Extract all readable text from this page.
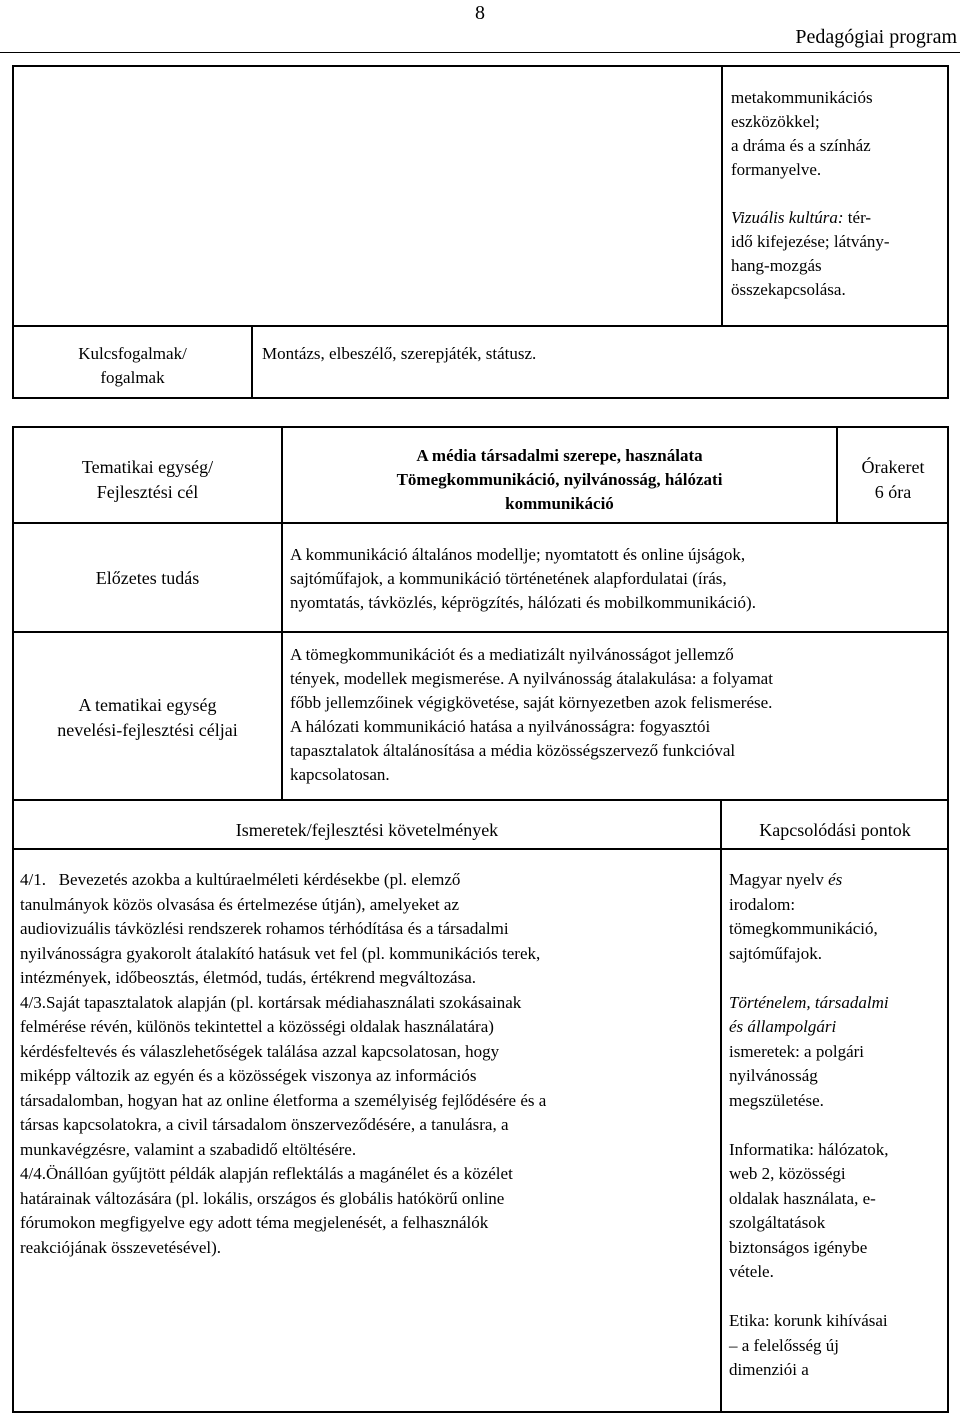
8
Pedagógiai program
metakommunikációs
eszközökkel;
a dráma és a színház
formanyelve.
Vizuális kultúra: tér-
idő kifejezése; látvány-
hang-mozgás
összekapcsolása.
Kulcsfogalmak/
fogalmak
Montázs, elbeszélő, szerepjáték, státusz.
Tematikai egység/
Fejlesztési cél
A média társadalmi szerepe, használata
Tömegkommunikáció, nyilvánosság, hálózati
kommunikáció
Órakeret
6 óra
Előzetes tudás
A kommunikáció általános modellje; nyomtatott és online újságok,
sajtóműfajok, a kommunikáció történetének alapfordulatai (írás,
nyomtatás, távközlés, képrögzítés, hálózati és mobilkommunikáció).
A tematikai egység
nevelési-fejlesztési céljai
A tömegkommunikációt és a mediatizált nyilvánosságot jellemző
tények, modellek megismerése. A nyilvánosság átalakulása: a folyamat
főbb jellemzőinek végigkövetése, saját környezetben azok felismerése.
A hálózati kommunikáció hatása a nyilvánosságra: fogyasztói
tapasztalatok általánosítása a média közösségszervező funkcióval
kapcsolatosan.
Ismeretek/fejlesztési követelmények	Kapcsolódási pontok
4/1.   Bevezetés azokba a kultúraelméleti kérdésekbe (pl. elemző
tanulmányok közös olvasása és értelmezése útján), amelyeket az
audiovizuális távközlési rendszerek rohamos térhódítása és a társadalmi
nyilvánosságra gyakorolt átalakító hatásuk vet fel (pl. kommunikációs terek,
intézmények, időbeosztás, életmód, tudás, értékrend megváltozása.
4/3.Saját tapasztalatok alapján (pl. kortársak médiahasználati szokásainak
felmérése révén, különös tekintettel a közösségi oldalak használatára)
kérdésfeltevés és válaszlehetőségek találása azzal kapcsolatosan, hogy
miképp változik az egyén és a közösségek viszonya az információs
társadalomban, hogyan hat az online életforma a személyiség fejlődésére és a
társas kapcsolatokra, a civil társadalom önszerveződésére, a tanulásra, a
munkavégzésre, valamint a szabadidő eltöltésére.
4/4.Önállóan gyűjtött példák alapján reflektálás a magánélet és a közélet
határainak változására (pl. lokális, országos és globális hatókörű online
fórumokon megfigyelve egy adott téma megjelenését, a felhasználók
reakciójának összevetésével).
Magyar nyelv és
irodalom:
tömegkommunikáció,
sajtóműfajok.
Történelem, társadalmi
és állampolgári
ismeretek: a polgári
nyilvánosság
megszületése.
Informatika: hálózatok,
web 2, közösségi
oldalak használata, e-
szolgáltatások
biztonságos igénybe
vétele.
Etika: korunk kihívásai
– a felelősség új
dimenziói a
